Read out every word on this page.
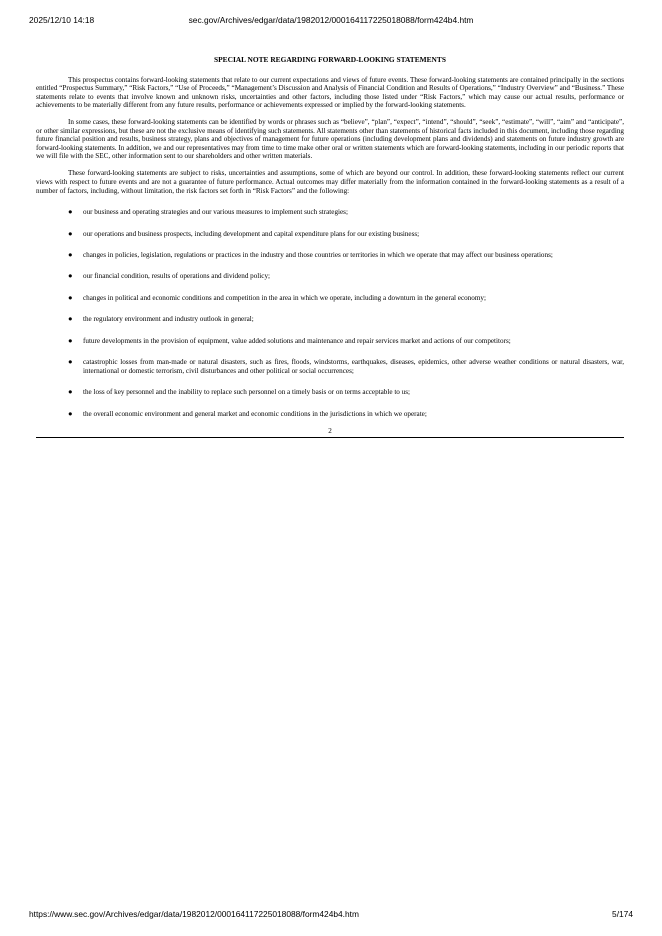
2025/12/10 14:18	sec.gov/Archives/edgar/data/1982012/000164117225018088/form424b4.htm
SPECIAL NOTE REGARDING FORWARD-LOOKING STATEMENTS

This prospectus contains forward-looking statements that relate to our current expectations and views of future events. These forward-looking statements are contained principally in the sections entitled “Prospectus Summary,” “Risk Factors,” “Use of Proceeds,” “Management’s Discussion and Analysis of Financial Condition and Results of Operations,” “Industry Overview” and “Business.” These statements relate to events that involve known and unknown risks, uncertainties and other factors, including those listed under “Risk Factors,” which may cause our actual results, performance or achievements to be materially different from any future results, performance or achievements expressed or implied by the forward-looking statements.

In some cases, these forward-looking statements can be identified by words or phrases such as “believe”, “plan”, “expect”, “intend”, “should”, “seek”, “estimate”, “will”, “aim” and “anticipate”, or other similar expressions, but these are not the exclusive means of identifying such statements. All statements other than statements of historical facts included in this document, including those regarding future financial position and results, business strategy, plans and objectives of management for future operations (including development plans and dividends) and statements on future industry growth are forward-looking statements. In addition, we and our representatives may from time to time make other oral or written statements which are forward-looking statements, including in our periodic reports that we will file with the SEC, other information sent to our shareholders and other written materials.

These forward-looking statements are subject to risks, uncertainties and assumptions, some of which are beyond our control. In addition, these forward-looking statements reflect our current views with respect to future events and are not a guarantee of future performance. Actual outcomes may differ materially from the information contained in the forward-looking statements as a result of a number of factors, including, without limitation, the risk factors set forth in “Risk Factors” and the following:

● our business and operating strategies and our various measures to implement such strategies;
● our operations and business prospects, including development and capital expenditure plans for our existing business;
● changes in policies, legislation, regulations or practices in the industry and those countries or territories in which we operate that may affect our business operations;
● our financial condition, results of operations and dividend policy;
● changes in political and economic conditions and competition in the area in which we operate, including a downturn in the general economy;
● the regulatory environment and industry outlook in general;
● future developments in the provision of equipment, value added solutions and maintenance and repair services market and actions of our competitors;
● catastrophic losses from man-made or natural disasters, such as fires, floods, windstorms, earthquakes, diseases, epidemics, other adverse weather conditions or natural disasters, war, international or domestic terrorism, civil disturbances and other political or social occurrences;
● the loss of key personnel and the inability to replace such personnel on a timely basis or on terms acceptable to us;
● the overall economic environment and general market and economic conditions in the jurisdictions in which we operate;
2
https://www.sec.gov/Archives/edgar/data/1982012/000164117225018088/form424b4.htm	5/174
